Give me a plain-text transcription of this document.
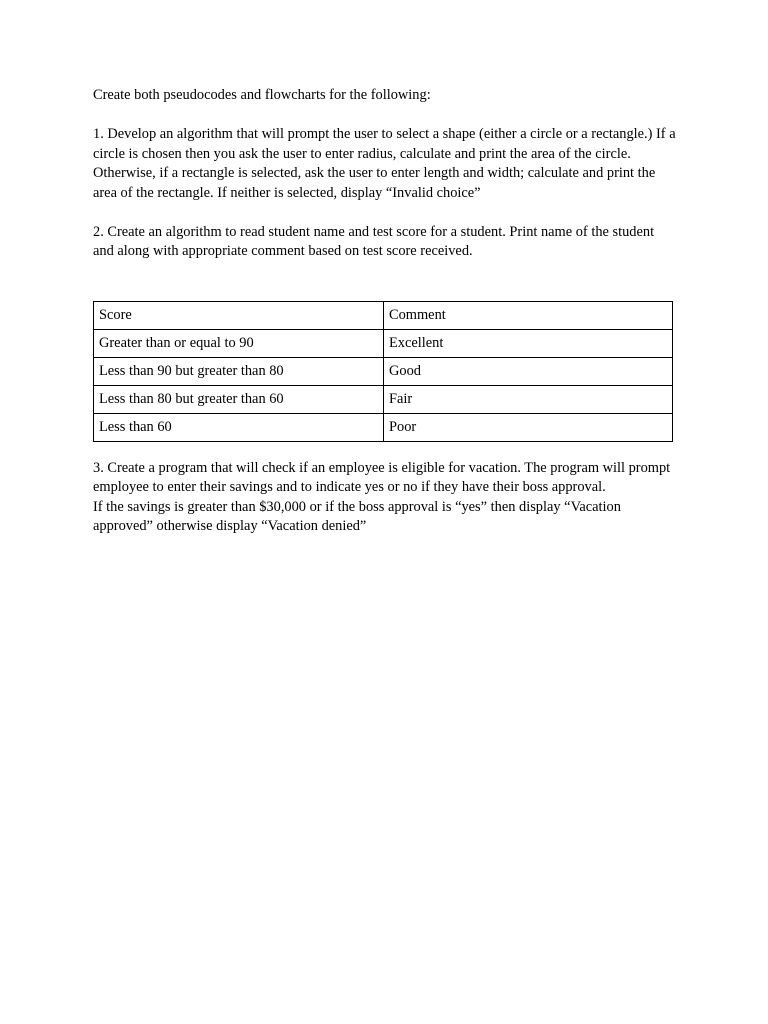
Create both pseudocodes and flowcharts for the following:

1. Develop an algorithm that will prompt the user to select a shape (either a circle or a rectangle.) If a circle is chosen then you ask the user to enter radius, calculate and print the area of the circle. Otherwise, if a rectangle is selected, ask the user to enter length and width; calculate and print the area of the rectangle. If neither is selected, display “Invalid choice”

2. Create an algorithm to read student name and test score for a student. Print name of the student and along with appropriate comment based on test score received.

Score	Comment
Greater than or equal to 90	Excellent
Less than 90 but greater than 80	Good
Less than 80 but greater than 60	Fair
Less than 60	Poor

3. Create a program that will check if an employee is eligible for vacation. The program will prompt employee to enter their savings and to indicate yes or no if they have their boss approval.
If the savings is greater than $30,000 or if the boss approval is “yes” then display “Vacation approved” otherwise display “Vacation denied”
